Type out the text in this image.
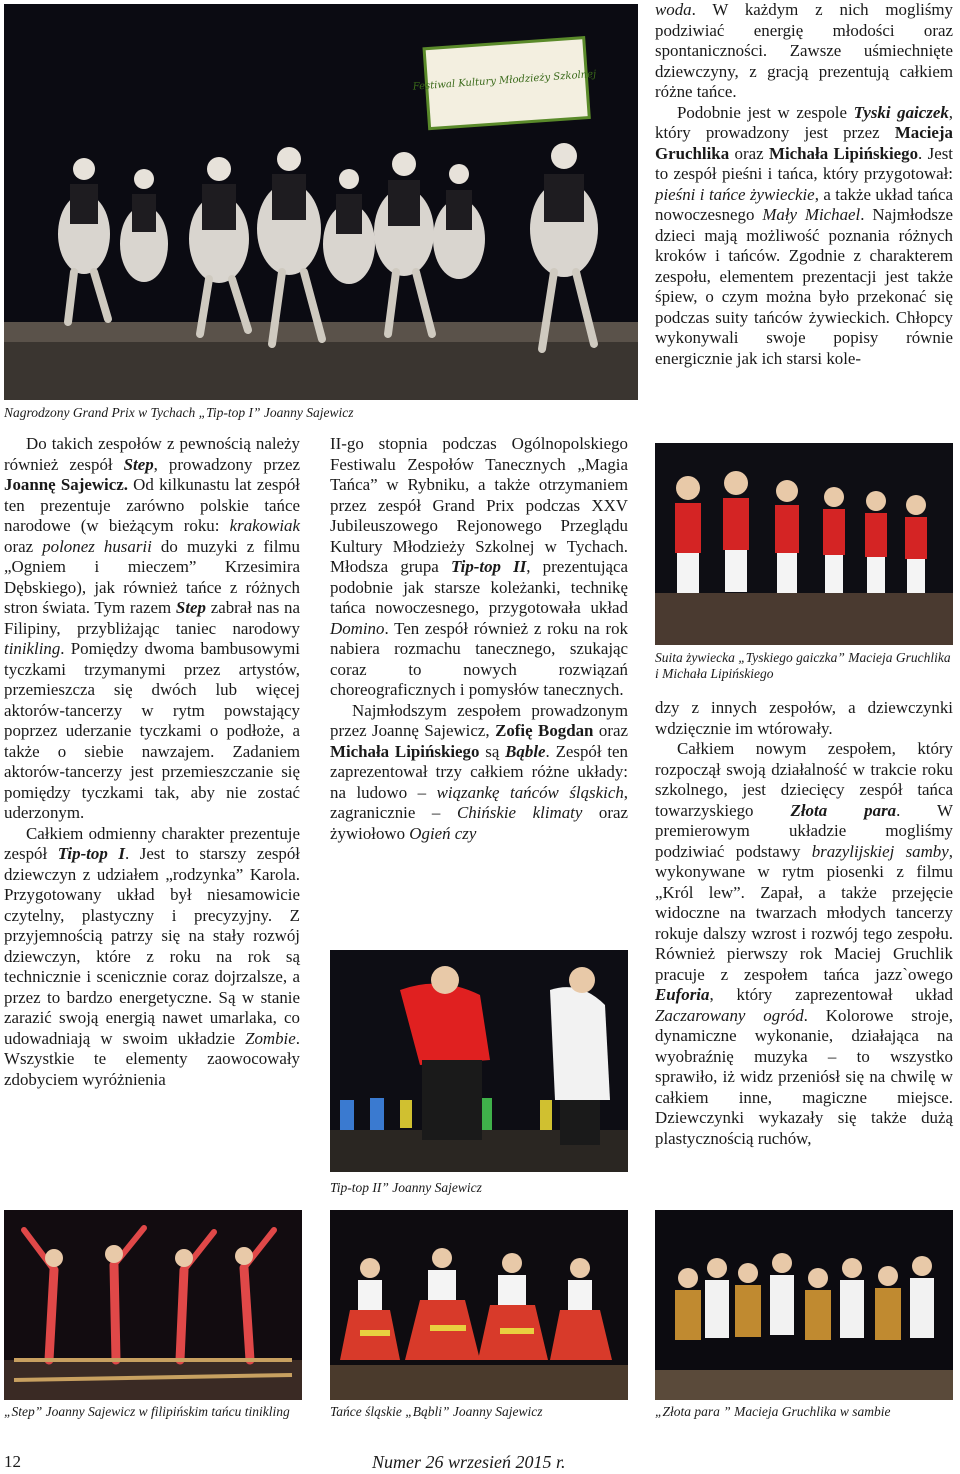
Festiwal Kultury Młodzieży Szkolnej
Nagrodzony Grand Prix w Tychach „Tip-top I” Joanny Sajewicz

Do takich zespołów z pewnością należy również zespół Step, prowadzony przez Joannę Sajewicz. Od kilkunastu lat zespół ten prezentuje zarówno polskie tańce narodowe (w bieżącym roku: krakowiak oraz polonez husarii do muzyki z filmu „Ogniem i mieczem” Krzesimira Dębskiego), jak również tańce z różnych stron świata. Tym razem Step zabrał nas na Filipiny, przybliżając taniec narodowy tinikling. Pomiędzy dwoma bambusowymi tyczkami trzymanymi przez artystów, przemieszcza się dwóch lub więcej aktorów-tancerzy w rytm powstający poprzez uderzanie tyczkami o podłoże, a także o siebie nawzajem. Zadaniem aktorów-tancerzy jest przemieszczanie się pomiędzy tyczkami tak, aby nie zostać uderzonym.

Całkiem odmienny charakter prezentuje zespół Tip-top I. Jest to starszy zespół dziewczyn z udziałem „rodzynka” Karola. Przygotowany układ był niesamowicie czytelny, plastyczny i precyzyjny. Z przyjemnością patrzy się na stały rozwój dziewczyn, które z roku na rok są technicznie i scenicznie coraz dojrzalsze, a przez to bardzo energetyczne. Są w stanie zarazić swoją energią nawet umarlaka, co udowadniają w swoim układzie Zombie. Wszystkie te elementy zaowocowały zdobyciem wyróżnienia

II-go stopnia podczas Ogólnopolskiego Festiwalu Zespołów Tanecznych „Magia Tańca” w Rybniku, a także otrzymaniem przez zespół Grand Prix podczas XXV Jubileuszowego Rejonowego Przeglądu Kultury Młodzieży Szkolnej w Tychach. Młodsza grupa Tip-top II, prezentująca podobnie jak starsze koleżanki, technikę tańca nowoczesnego, przygotowała układ Domino. Ten zespół również z roku na rok nabiera rozmachu tanecznego, szukając coraz to nowych rozwiązań choreograficznych i pomysłów tanecznych.

Najmłodszym zespołem prowadzonym przez Joannę Sajewicz, Zofię Bogdan oraz Michała Lipińskiego są Bąble. Zespół ten zaprezentował trzy całkiem różne układy: na ludowo – wiązankę tańców śląskich, zagranicznie – Chińskie klimaty oraz żywiołowo Ogień czy

Tip-top II” Joanny Sajewicz

woda. W każdym z nich mogliśmy podziwiać energię młodości oraz spontaniczności. Zawsze uśmiechnięte dziewczyny, z gracją prezentują całkiem różne tańce.

Podobnie jest w zespole Tyski gaiczek, który prowadzony jest przez Macieja Gruchlika oraz Michała Lipińskiego. Jest to zespół pieśni i tańca, który przygotował: pieśni i tańce żywieckie, a także układ tańca nowoczesnego Mały Michael. Najmłodsze dzieci mają możliwość poznania różnych kroków i tańców. Zgodnie z charakterem zespołu, elementem prezentacji jest także śpiew, o czym można było przekonać się podczas suity tańców żywieckich. Chłopcy wykonywali swoje popisy równie energicznie jak ich starsi kole-

Suita żywiecka „Tyskiego gaiczka” Macieja Gruchlika i Michała Lipińskiego

dzy z innych zespołów, a dziewczynki wdzięcznie im wtórowały.

Całkiem nowym zespołem, który rozpoczął swoją działalność w trakcie roku szkolnego, jest dziecięcy zespół tańca towarzyskiego Złota para. W premierowym układzie mogliśmy podziwiać podstawy brazylijskiej samby, wykonywane w rytm piosenki z filmu „Król lew”. Zapał, a także przejęcie widoczne na twarzach młodych tancerzy rokuje dalszy wzrost i rozwój tego zespołu. Również pierwszy rok Maciej Gruchlik pracuje z zespołem tańca jazz`owego Euforia, który zaprezentował układ Zaczarowany ogród. Kolorowe stroje, dynamiczne wykonanie, działająca na wyobraźnię muzyka – to wszystko sprawiło, iż widz przeniósł się na chwilę w całkiem inne, magiczne miejsce. Dziewczynki wykazały się także dużą plastycznością ruchów,

„Step” Joanny Sajewicz w filipińskim tańcu tinikling	Tańce śląskie „Bąbli” Joanny Sajewicz	„Złota para ” Macieja Gruchlika w sambie
12	Numer 26 wrzesień 2015 r.
